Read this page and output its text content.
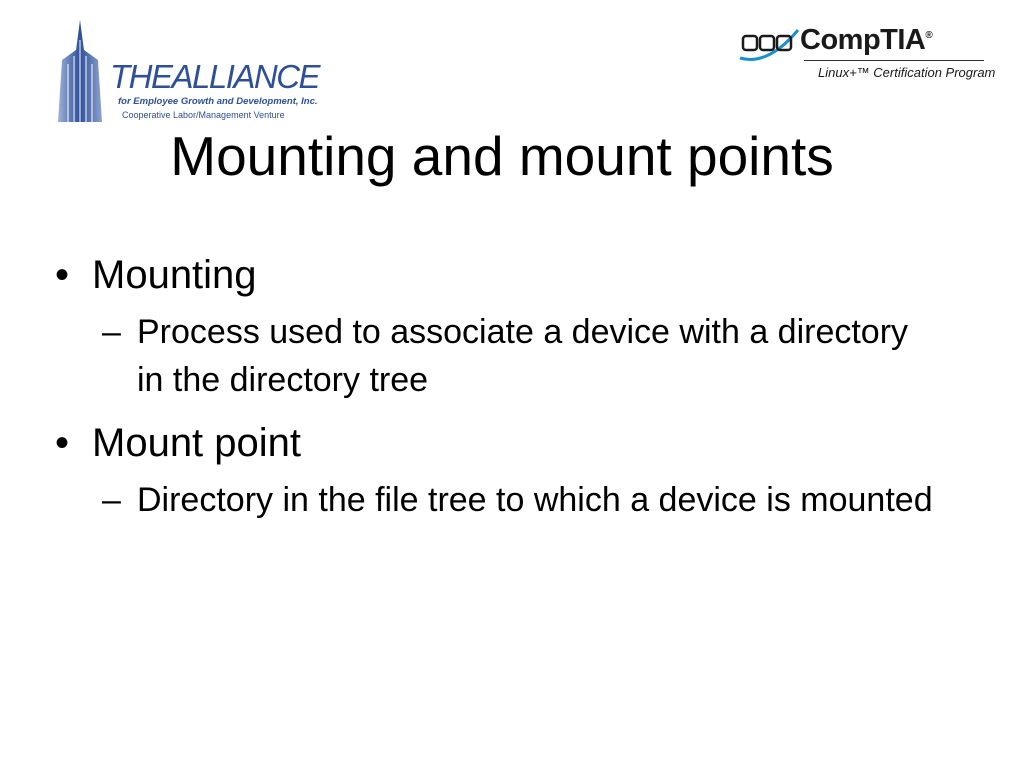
THEALLIANCE
for Employee Growth and Development, Inc.
Cooperative Labor/Management Venture
CompTIA®
Linux+™ Certification Program
Mounting and mount points
• Mounting
– Process used to associate a device with a directory in the directory tree
• Mount point
– Directory in the file tree to which a device is mounted
